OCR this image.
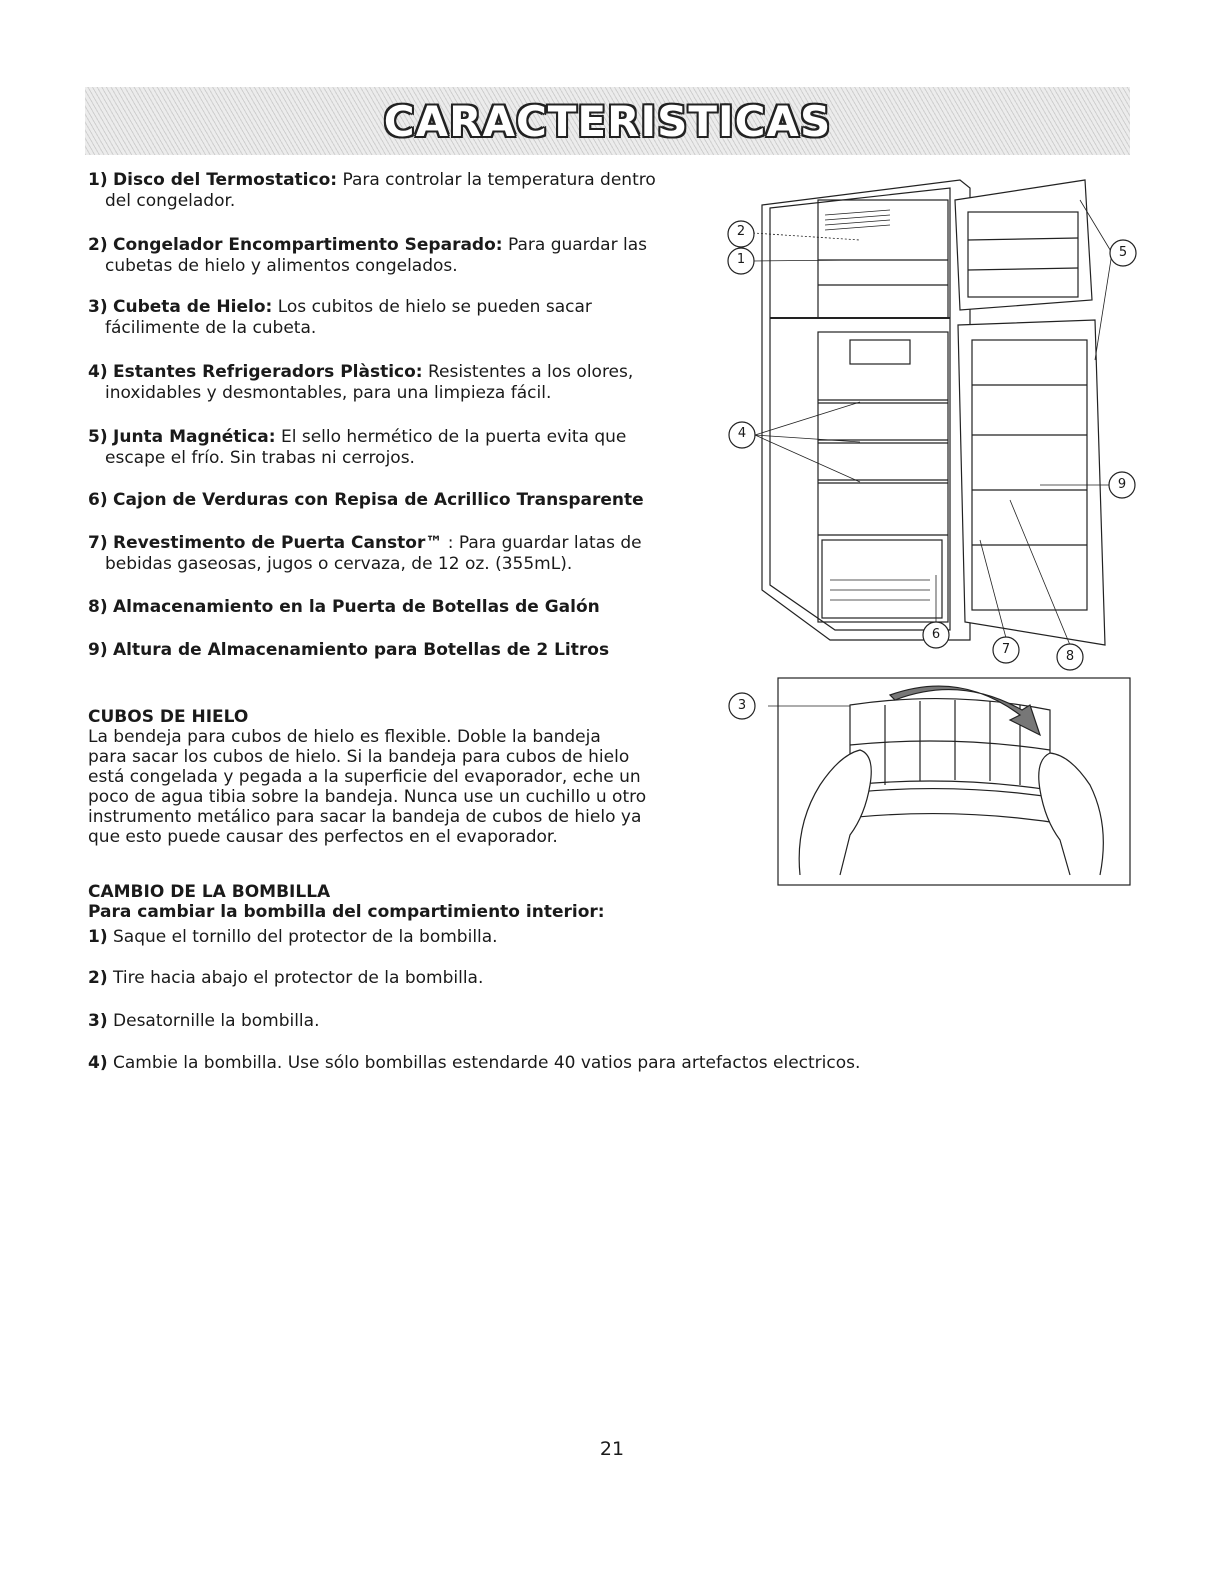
CARACTERISTICAS
1) Disco del Termostatico: Para controlar la temperatura dentro
del congelador.
2) Congelador Encompartimento Separado: Para guardar las
cubetas de hielo y alimentos congelados.
3) Cubeta de Hielo: Los cubitos de hielo se pueden sacar
fácilimente de la cubeta.
4) Estantes Refrigeradors Plàstico: Resistentes a los olores,
inoxidables y desmontables, para una limpieza fácil.
5) Junta Magnética: El sello hermético de la puerta evita que
escape el frío. Sin trabas ni cerrojos.
6) Cajon de Verduras con Repisa de Acrillico Transparente
7) Revestimento de Puerta Canstor™ : Para guardar latas de
bebidas gaseosas, jugos o cervaza, de 12 oz. (355mL).
8) Almacenamiento en la Puerta de Botellas de Galón
9) Altura de Almacenamiento para Botellas de 2 Litros
CUBOS DE HIELO
La bendeja para cubos de hielo es flexible. Doble la bandeja
para sacar los cubos de hielo. Si la bandeja para cubos de hielo
está congelada y pegada a la superficie del evaporador, eche un
poco de agua tibia sobre la bandeja. Nunca use un cuchillo u otro
instrumento metálico para sacar la bandeja de cubos de hielo ya
que esto puede causar des perfectos en el evaporador.
CAMBIO DE LA BOMBILLA
Para cambiar la bombilla del compartimiento interior:
1) Saque el tornillo del protector de la bombilla.
2) Tire hacia abajo el protector de la bombilla.
3) Desatornille la bombilla.
4) Cambie la bombilla. Use sólo bombillas estendarde 40 vatios para artefactos electricos.
2
1
4
5
9
6
7	8
3
21
